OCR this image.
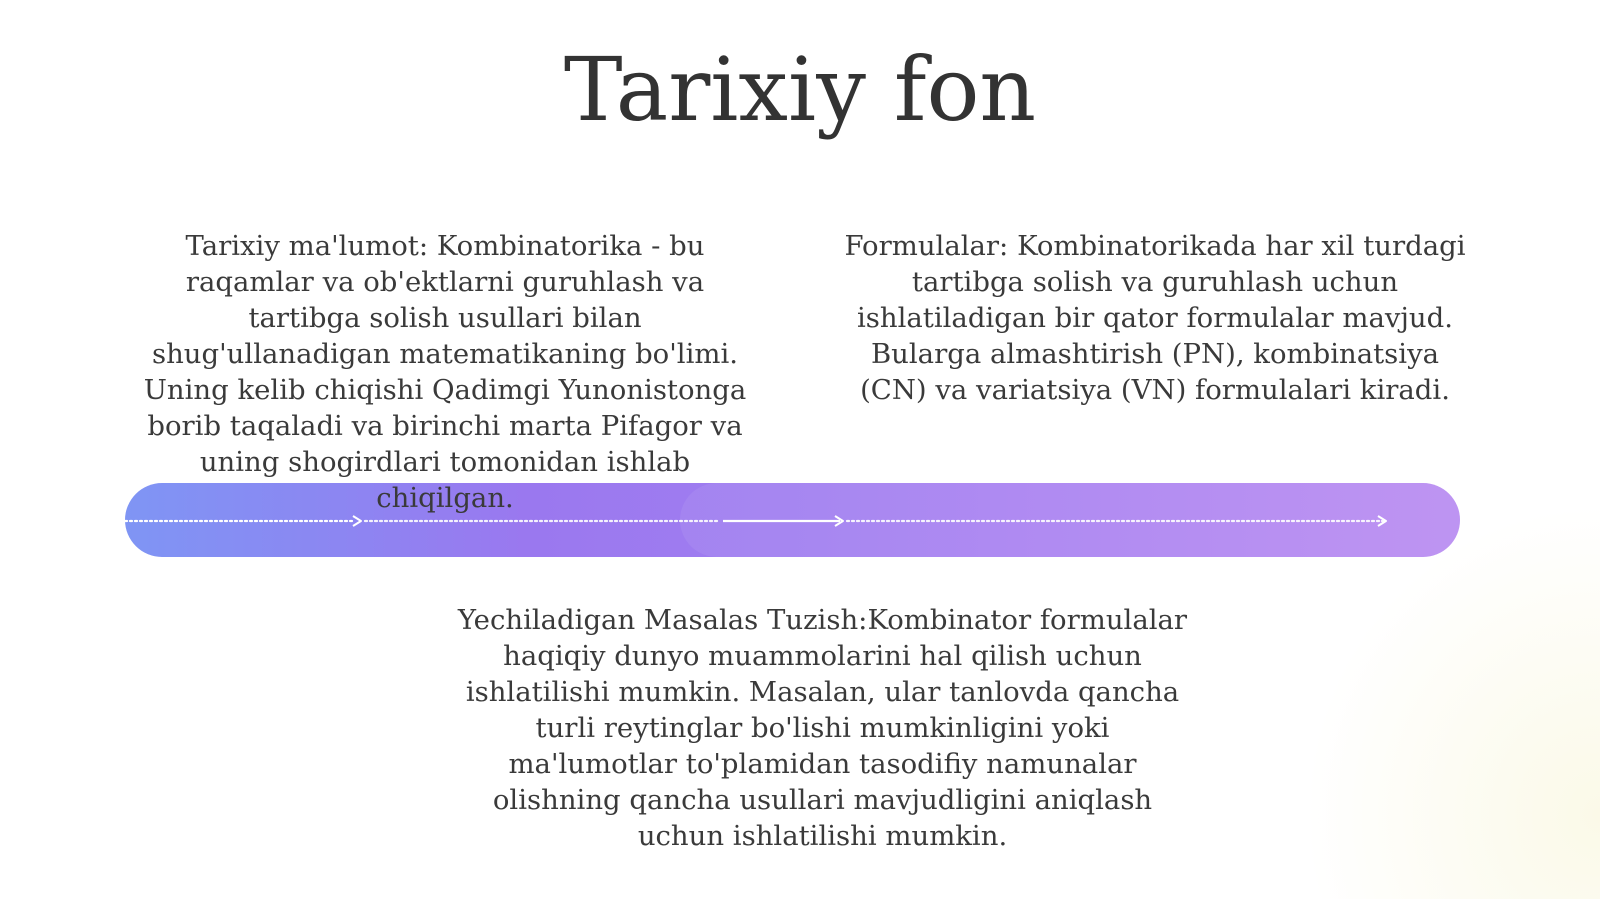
Tarixiy fon

Tarixiy ma'lumot: Kombinatorika - bu raqamlar va ob'ektlarni guruhlash va tartibga solish usullari bilan shug'ullanadigan matematikaning bo'limi. Uning kelib chiqishi Qadimgi Yunonistonga borib taqaladi va birinchi marta Pifagor va uning shogirdlari tomonidan ishlab chiqilgan.

Formulalar: Kombinatorikada har xil turdagi tartibga solish va guruhlash uchun ishlatiladigan bir qator formulalar mavjud. Bularga almashtirish (PN), kombinatsiya (CN) va variatsiya (VN) formulalari kiradi.

Yechiladigan Masalas Tuzish:Kombinator formulalar haqiqiy dunyo muammolarini hal qilish uchun ishlatilishi mumkin. Masalan, ular tanlovda qancha turli reytinglar bo'lishi mumkinligini yoki ma'lumotlar to'plamidan tasodifiy namunalar olishning qancha usullari mavjudligini aniqlash uchun ishlatilishi mumkin.
